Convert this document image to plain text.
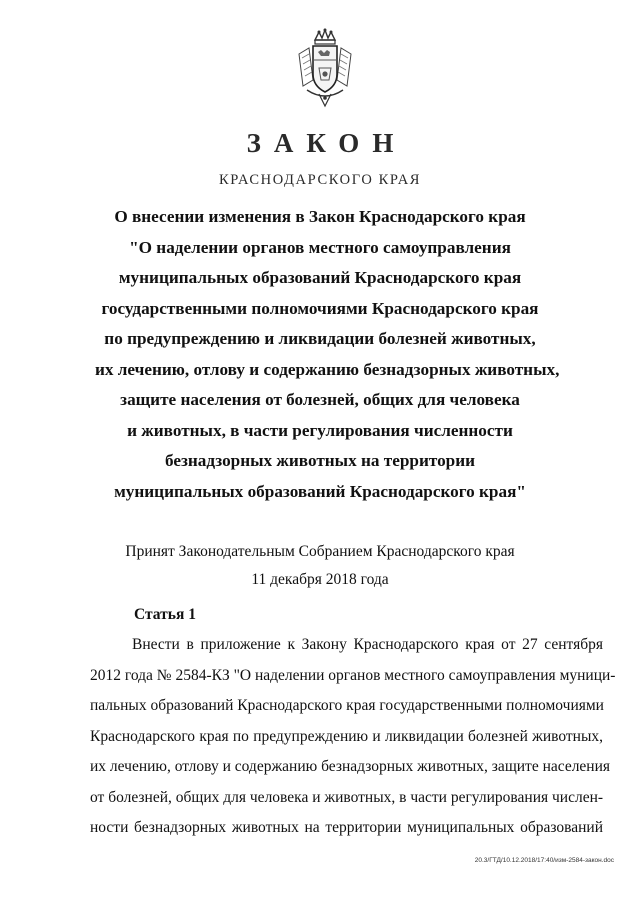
ЗАКОН
КРАСНОДАРСКОГО КРАЯ
О внесении изменения в Закон Краснодарского края
"О наделении органов местного самоуправления
муниципальных образований Краснодарского края
государственными полномочиями Краснодарского края
по предупреждению и ликвидации болезней животных,
их лечению, отлову и содержанию безнадзорных животных,
защите населения от болезней, общих для человека
и животных, в части регулирования численности
безнадзорных животных на территории
муниципальных образований Краснодарского края"
Принят Законодательным Собранием Краснодарского края
11 декабря 2018 года
Статья 1
Внести в приложение к Закону Краснодарского края от 27 сентября
2012 года № 2584-КЗ "О наделении органов местного самоуправления муници-
пальных образований Краснодарского края государственными полномочиями
Краснодарского края по предупреждению и ликвидации болезней животных,
их лечению, отлову и содержанию безнадзорных животных, защите населения
от болезней, общих для человека и животных, в части регулирования числен-
ности безнадзорных животных на территории муниципальных образований
20.3/ГТД/10.12.2018/17:40/изм-2584-закон.doc
